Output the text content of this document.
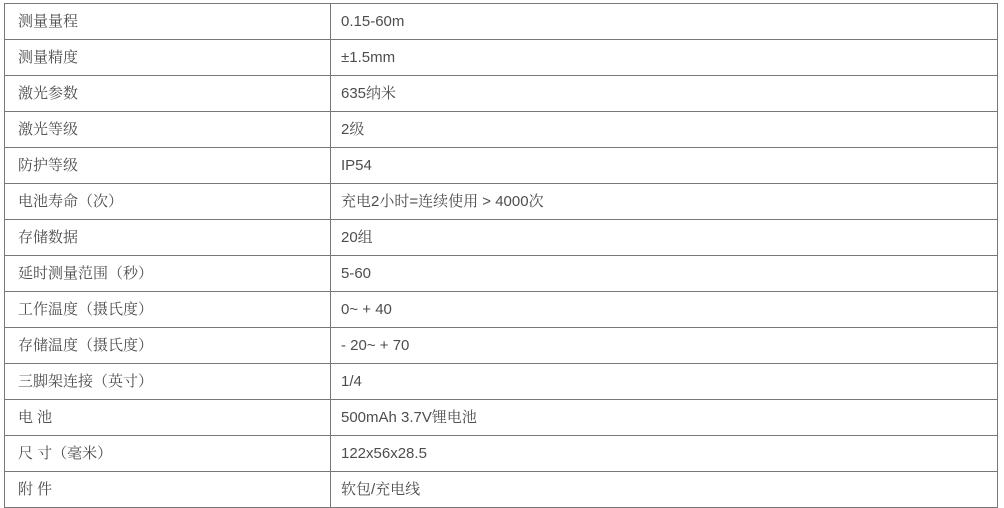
测量量程	0.15-60m
测量精度	±1.5mm
激光参数	635纳米
激光等级	2级
防护等级	IP54
电池寿命（次）	充电2小时=连续使用 > 4000次
存储数据	20组
延时测量范围（秒）	5-60
工作温度（摄氏度）	0~ + 40
存储温度（摄氏度）	- 20~ + 70
三脚架连接（英寸）	1/4
电 池	500mAh 3.7V锂电池
尺 寸（毫米）	122x56x28.5
附 件	软包/充电线
